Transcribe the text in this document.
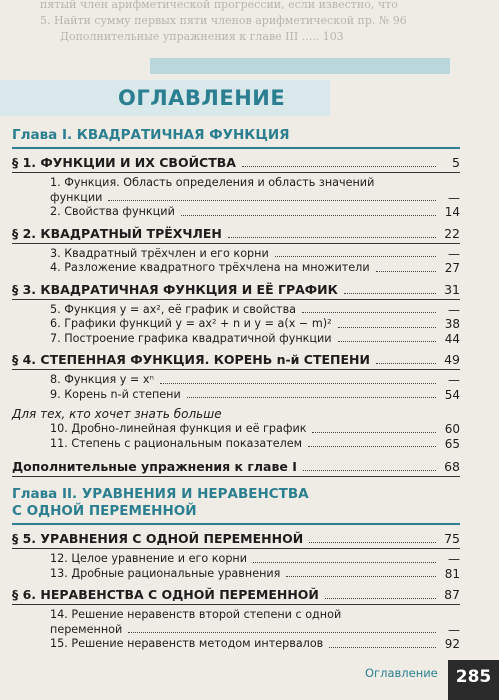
пятый член арифметической прогрессии, если известно, что
5. Найти сумму первых пяти членов арифметической пр. № 96
Дополнительные упражнения к главе III ..... 103
ОГЛАВЛЕНИЕ
Глава I. КВАДРАТИЧНАЯ ФУНКЦИЯ
§ 1. ФУНКЦИИ И ИХ СВОЙСТВА	5
1. Функция. Область определения и область значений
функции	—
2. Свойства функций	14
§ 2. КВАДРАТНЫЙ ТРЁХЧЛЕН	22
3. Квадратный трёхчлен и его корни	—
4. Разложение квадратного трёхчлена на множители	27
§ 3. КВАДРАТИЧНАЯ ФУНКЦИЯ И ЕЁ ГРАФИК	31
5. Функция y = ax², её график и свойства	—
6. Графики функций y = ax² + n и y = a(x − m)²	38
7. Построение графика квадратичной функции	44
§ 4. СТЕПЕННАЯ ФУНКЦИЯ. КОРЕНЬ n-й СТЕПЕНИ	49
8. Функция y = xⁿ	—
9. Корень n-й степени	54
Для тех, кто хочет знать больше
10. Дробно-линейная функция и её график	60
11. Степень с рациональным показателем	65
Дополнительные упражнения к главе I	68
Глава II. УРАВНЕНИЯ И НЕРАВЕНСТВА
С ОДНОЙ ПЕРЕМЕННОЙ
§ 5. УРАВНЕНИЯ С ОДНОЙ ПЕРЕМЕННОЙ	75
12. Целое уравнение и его корни	—
13. Дробные рациональные уравнения	81
§ 6. НЕРАВЕНСТВА С ОДНОЙ ПЕРЕМЕННОЙ	87
14. Решение неравенств второй степени с одной
переменной	—
15. Решение неравенств методом интервалов	92
Оглавление	285
